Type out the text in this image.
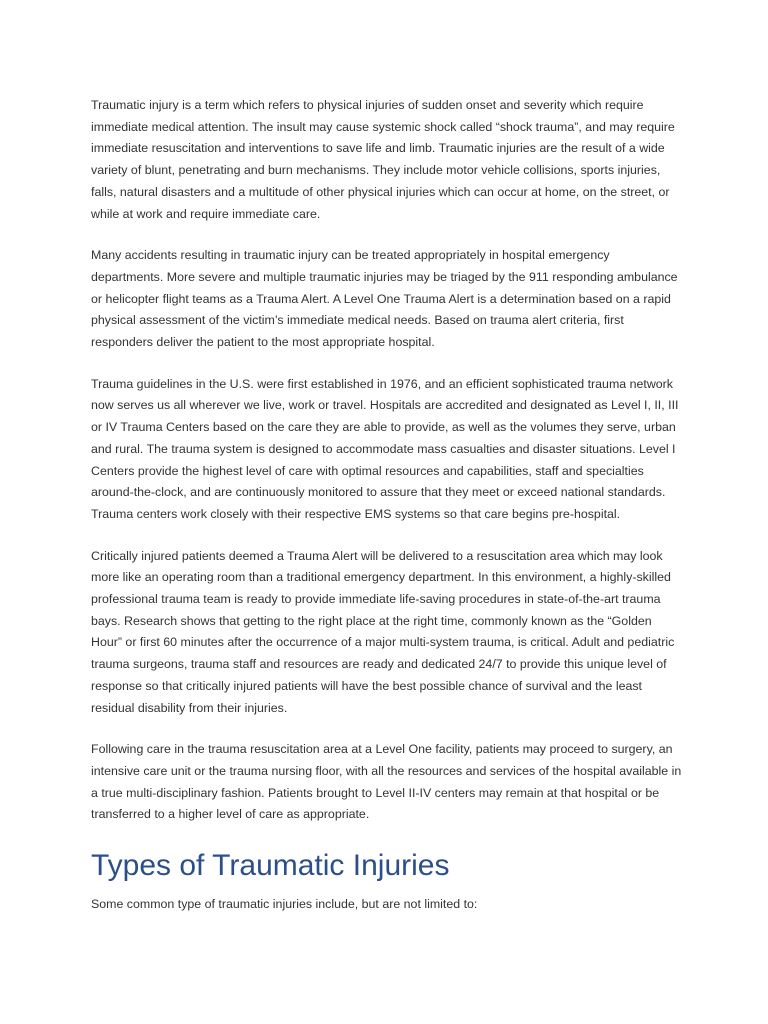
Traumatic injury is a term which refers to physical injuries of sudden onset and severity which require immediate medical attention. The insult may cause systemic shock called “shock trauma”, and may require immediate resuscitation and interventions to save life and limb. Traumatic injuries are the result of a wide variety of blunt, penetrating and burn mechanisms. They include motor vehicle collisions, sports injuries, falls, natural disasters and a multitude of other physical injuries which can occur at home, on the street, or while at work and require immediate care.

Many accidents resulting in traumatic injury can be treated appropriately in hospital emergency departments. More severe and multiple traumatic injuries may be triaged by the 911 responding ambulance or helicopter flight teams as a Trauma Alert. A Level One Trauma Alert is a determination based on a rapid physical assessment of the victim’s immediate medical needs. Based on trauma alert criteria, first responders deliver the patient to the most appropriate hospital.

Trauma guidelines in the U.S. were first established in 1976, and an efficient sophisticated trauma network now serves us all wherever we live, work or travel. Hospitals are accredited and designated as Level I, II, III or IV Trauma Centers based on the care they are able to provide, as well as the volumes they serve, urban and rural. The trauma system is designed to accommodate mass casualties and disaster situations. Level I Centers provide the highest level of care with optimal resources and capabilities, staff and specialties around-the-clock, and are continuously monitored to assure that they meet or exceed national standards. Trauma centers work closely with their respective EMS systems so that care begins pre-hospital.

Critically injured patients deemed a Trauma Alert will be delivered to a resuscitation area which may look more like an operating room than a traditional emergency department. In this environment, a highly-skilled professional trauma team is ready to provide immediate life-saving procedures in state-of-the-art trauma bays. Research shows that getting to the right place at the right time, commonly known as the “Golden Hour” or first 60 minutes after the occurrence of a major multi-system trauma, is critical. Adult and pediatric trauma surgeons, trauma staff and resources are ready and dedicated 24/7 to provide this unique level of response so that critically injured patients will have the best possible chance of survival and the least residual disability from their injuries.

Following care in the trauma resuscitation area at a Level One facility, patients may proceed to surgery, an intensive care unit or the trauma nursing floor, with all the resources and services of the hospital available in a true multi-disciplinary fashion. Patients brought to Level II-IV centers may remain at that hospital or be transferred to a higher level of care as appropriate.

Types of Traumatic Injuries

Some common type of traumatic injuries include, but are not limited to:
